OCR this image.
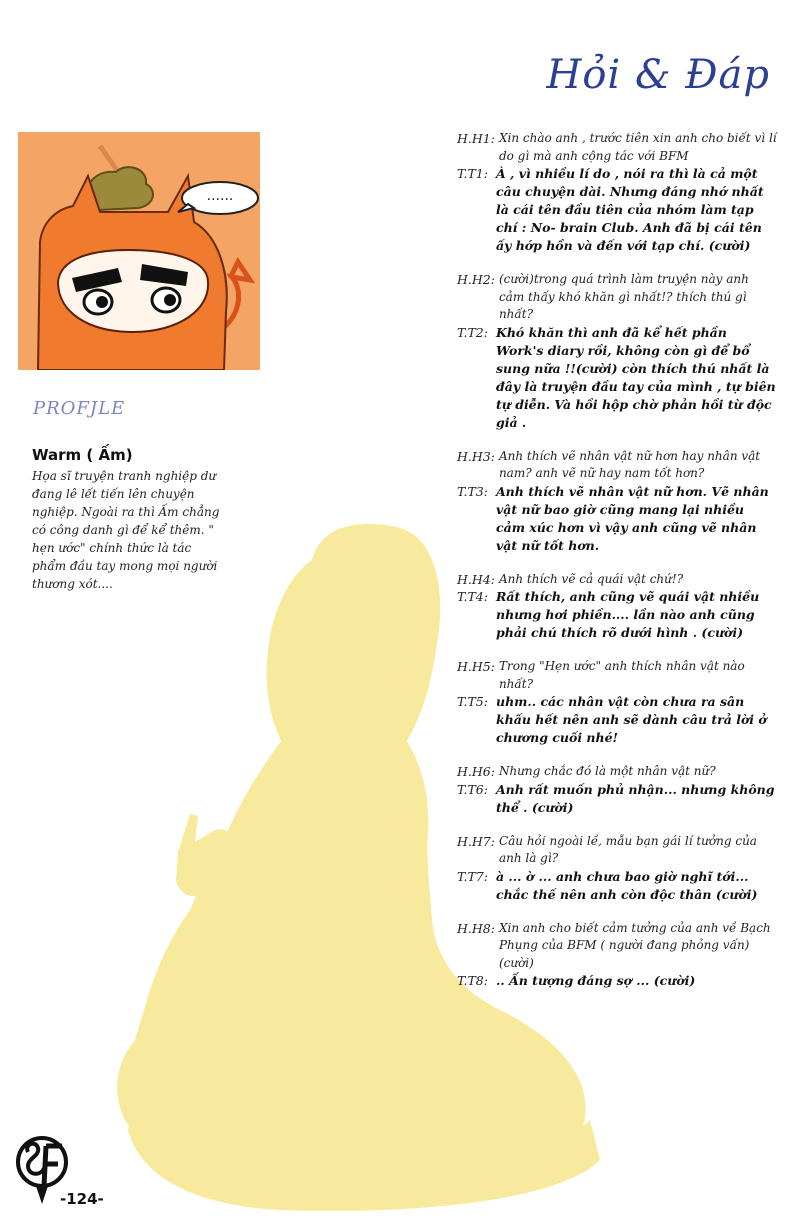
Hỏi & Đáp
......
PROFJLE
Warm ( Ấm)
Họa sĩ truyện tranh nghiệp dư đang lê lết tiến lên chuyện nghiệp. Ngoài ra thì Ấm chẳng có công danh gì để kể thêm. " hẹn ước" chính thức là tác phẩm đầu tay mong mọi người thương xót....
H.H1: Xin chào anh , trước tiên xin anh cho biết vì lí do gì mà anh cộng tác với BFM
T.T1: À , vì nhiều lí do , nói ra thì là cả một câu chuyện dài. Nhưng đáng nhớ nhất là cái tên đầu tiên của nhóm làm tạp chí : No- brain Club. Anh đã bị cái tên ấy hớp hồn và đến với tạp chí. (cười)
H.H2: (cười)trong quá trình làm truyện này anh cảm thấy khó khăn gì nhất!? thích thú gì nhất?
T.T2: Khó khăn thì anh đã kể hết phần Work's diary rồi, không còn gì để bổ sung nữa !!(cười) còn thích thú nhất là đây là truyện đầu tay của mình , tự biên tự diễn. Và hồi hộp chờ phản hồi từ độc giả .
H.H3: Anh thích vẽ nhân vật nữ hơn hay nhân vật nam? anh vẽ nữ hay nam tốt hơn?
T.T3: Anh thích vẽ nhân vật nữ hơn. Vẽ nhân vật nữ bao giờ cũng mang lại nhiều cảm xúc hơn vì vậy anh cũng vẽ nhân vật nữ tốt hơn.
H.H4: Anh thích vẽ cả quái vật chứ!?
T.T4: Rất thích, anh cũng vẽ quái vật nhiều nhưng hơi phiền.... lần nào anh cũng phải chú thích rõ dưới hình . (cười)
H.H5: Trong "Hẹn ước" anh thích nhân vật nào nhất?
T.T5: uhm.. các nhân vật còn chưa ra sân khấu hết nên anh sẽ dành câu trả lời ở chương cuối nhé!
H.H6: Nhưng chắc đó là một nhân vật nữ?
T.T6: Anh rất muốn phủ nhận... nhưng không thể . (cười)
H.H7: Câu hỏi ngoài lề, mẫu bạn gái lí tưởng của anh là gì?
T.T7: à ... ờ ... anh chưa bao giờ nghĩ tới... chắc thế nên anh còn độc thân (cười)
H.H8: Xin anh cho biết cảm tưởng của anh về Bạch Phụng của BFM ( người đang phỏng vấn) (cười)
T.T8: .. Ấn tượng đáng sợ ... (cười)
-124-
